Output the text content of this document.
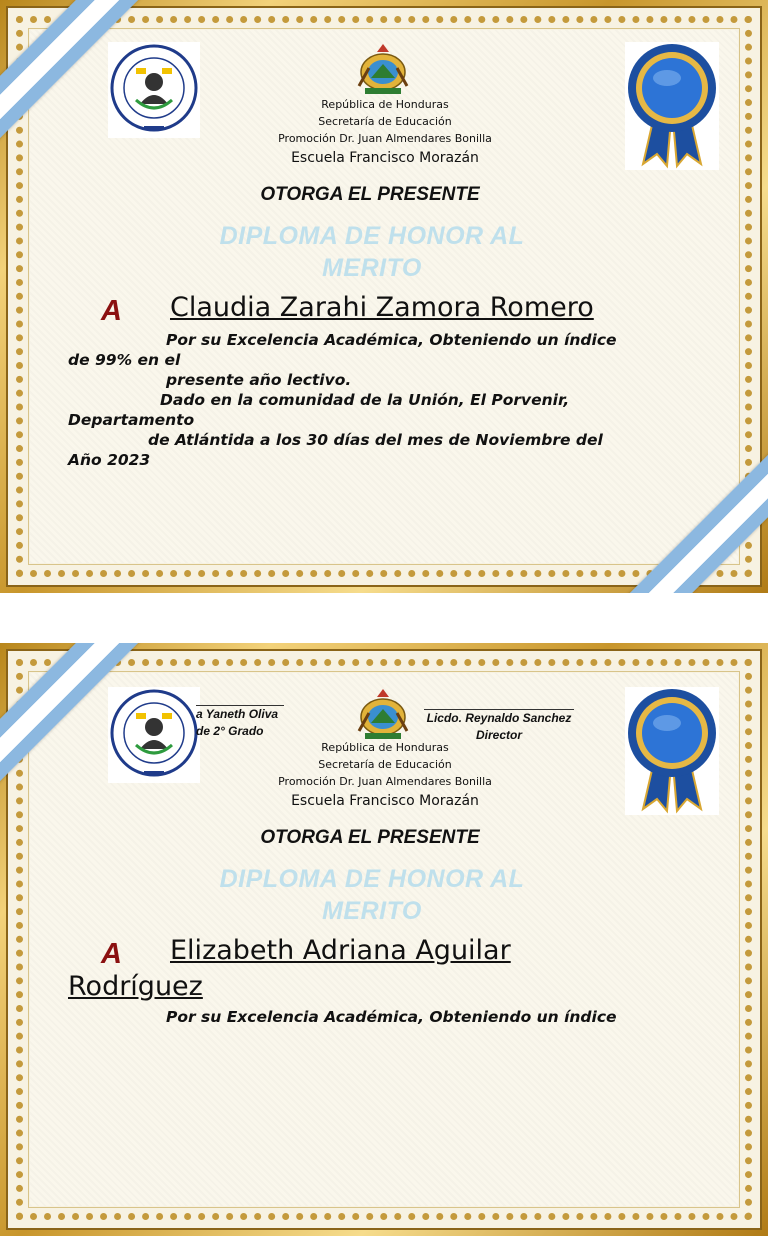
República de Honduras
Secretaría de Educación
Promoción Dr. Juan Almendares Bonilla
Escuela Francisco Morazán
OTORGA EL PRESENTE
DIPLOMA DE HONOR AL
MERITO
A Claudia Zarahi Zamora Romero
Por su Excelencia Académica, Obteniendo un índice
de 99% en el
presente año lectivo.
Dado en la comunidad de la Unión, El Porvenir,
Departamento
de Atlántida a los 30 días del mes de Noviembre del
Año 2023
a Yaneth Oliva
de 2° Grado
Licdo. Reynaldo Sanchez
Director
República de Honduras
Secretaría de Educación
Promoción Dr. Juan Almendares Bonilla
Escuela Francisco Morazán
OTORGA EL PRESENTE
DIPLOMA DE HONOR AL
MERITO
A Elizabeth Adriana Aguilar
Rodríguez
Por su Excelencia Académica, Obteniendo un índice
